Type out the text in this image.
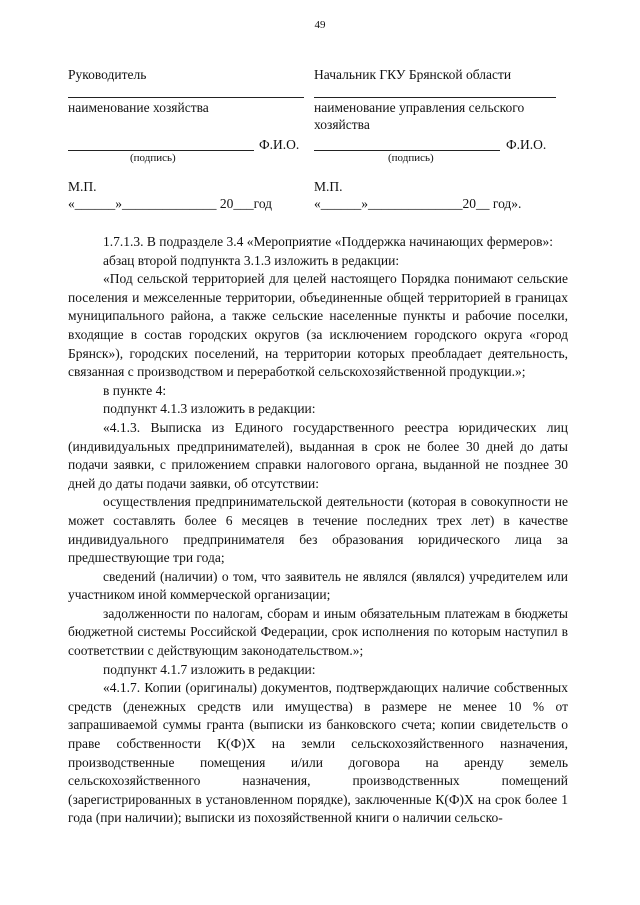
49
Руководитель
наименование хозяйства
Ф.И.О.
(подпись)
М.П.
«______»______________ 20___год
Начальник ГКУ Брянской области
наименование управления сельского
хозяйства
Ф.И.О.
(подпись)
М.П.
«______»______________20__ год».

1.7.1.3. В подразделе 3.4 «Мероприятие «Поддержка начинающих фермеров»:

абзац второй подпункта 3.1.3 изложить в редакции:

«Под сельской территорией для целей настоящего Порядка понимают сельские поселения и межселенные территории, объединенные общей территорией в границах муниципального района, а также сельские населенные пункты и рабочие поселки, входящие в состав городских округов (за исключением городского округа «город Брянск»), городских поселений, на территории которых преобладает деятельность, связанная с производством и переработкой сельскохозяйственной продукции.»;

в пункте 4:

подпункт 4.1.3 изложить в редакции:

«4.1.3. Выписка из Единого государственного реестра юридических лиц (индивидуальных предпринимателей), выданная в срок не более 30 дней до даты подачи заявки, с приложением справки налогового органа, выданной не позднее 30 дней до даты подачи заявки, об отсутствии:

осуществления предпринимательской деятельности (которая в совокупности не может составлять более 6 месяцев в течение последних трех лет) в качестве индивидуального предпринимателя без образования юридического лица за предшествующие три года;

сведений (наличии) о том, что заявитель не являлся (являлся) учредителем или участником иной коммерческой организации;

задолженности по налогам, сборам и иным обязательным платежам в бюджеты бюджетной системы Российской Федерации, срок исполнения по которым наступил в соответствии с действующим законодательством.»;

подпункт 4.1.7 изложить в редакции:

«4.1.7. Копии (оригиналы) документов, подтверждающих наличие собственных средств (денежных средств или имущества) в размере не менее 10 % от запрашиваемой суммы гранта (выписки из банковского счета; копии свидетельств о праве собственности К(Ф)Х на земли сельскохозяйственного назначения, производственные помещения и/или договора на аренду земель сельскохозяйственного назначения, производственных помещений (зарегистрированных в установленном порядке), заключенные К(Ф)Х на срок более 1 года (при наличии); выписки из похозяйственной книги о наличии сельско-
